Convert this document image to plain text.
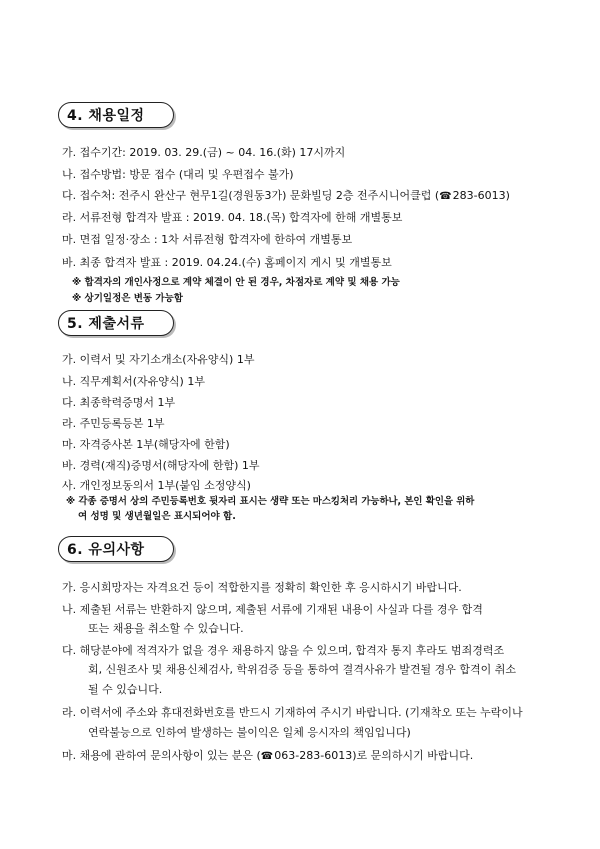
4. 채용일정
가. 접수기간: 2019. 03. 29.(금) ~ 04. 16.(화) 17시까지
나. 접수방법: 방문 접수 (대리 및 우편접수 불가)
다. 접수처: 전주시 완산구 현무1길(경원동3가) 문화빌딩 2층 전주시니어클럽 (☎283-6013)
라. 서류전형 합격자 발표 : 2019. 04. 18.(목) 합격자에 한해 개별통보
마. 면접 일정·장소 : 1차 서류전형 합격자에 한하여 개별통보
바. 최종 합격자 발표 : 2019. 04.24.(수) 홈페이지 게시 및 개별통보
※ 합격자의 개인사정으로 계약 체결이 안 된 경우, 차점자로 계약 및 채용 가능
※ 상기일정은 변동 가능함
5. 제출서류
가. 이력서 및 자기소개소(자유양식) 1부
나. 직무계획서(자유양식) 1부
다. 최종학력증명서 1부
라. 주민등록등본 1부
마. 자격증사본 1부(해당자에 한함)
바. 경력(재직)증명서(해당자에 한함) 1부
사. 개인정보동의서 1부(붙임 소정양식)
※ 각종 증명서 상의 주민등록번호 뒷자리 표시는 생략 또는 마스킹처리 가능하나, 본인 확인을 위하
여 성명 및 생년월일은 표시되어야 함.
6. 유의사항
가. 응시희망자는 자격요건 등이 적합한지를 정확히 확인한 후 응시하시기 바랍니다.
나. 제출된 서류는 반환하지 않으며, 제출된 서류에 기재된 내용이 사실과 다를 경우 합격
또는 채용을 취소할 수 있습니다.
다. 해당분야에 적격자가 없을 경우 채용하지 않을 수 있으며, 합격자 통지 후라도 범죄경력조
회, 신원조사 및 채용신체검사, 학위검증 등을 통하여 결격사유가 발견될 경우 합격이 취소
될 수 있습니다.
라. 이력서에 주소와 휴대전화번호를 반드시 기재하여 주시기 바랍니다. (기재착오 또는 누락이나
연락불능으로 인하여 발생하는 불이익은 일체 응시자의 책임입니다)
마. 채용에 관하여 문의사항이 있는 분은 (☎063-283-6013)로 문의하시기 바랍니다.
